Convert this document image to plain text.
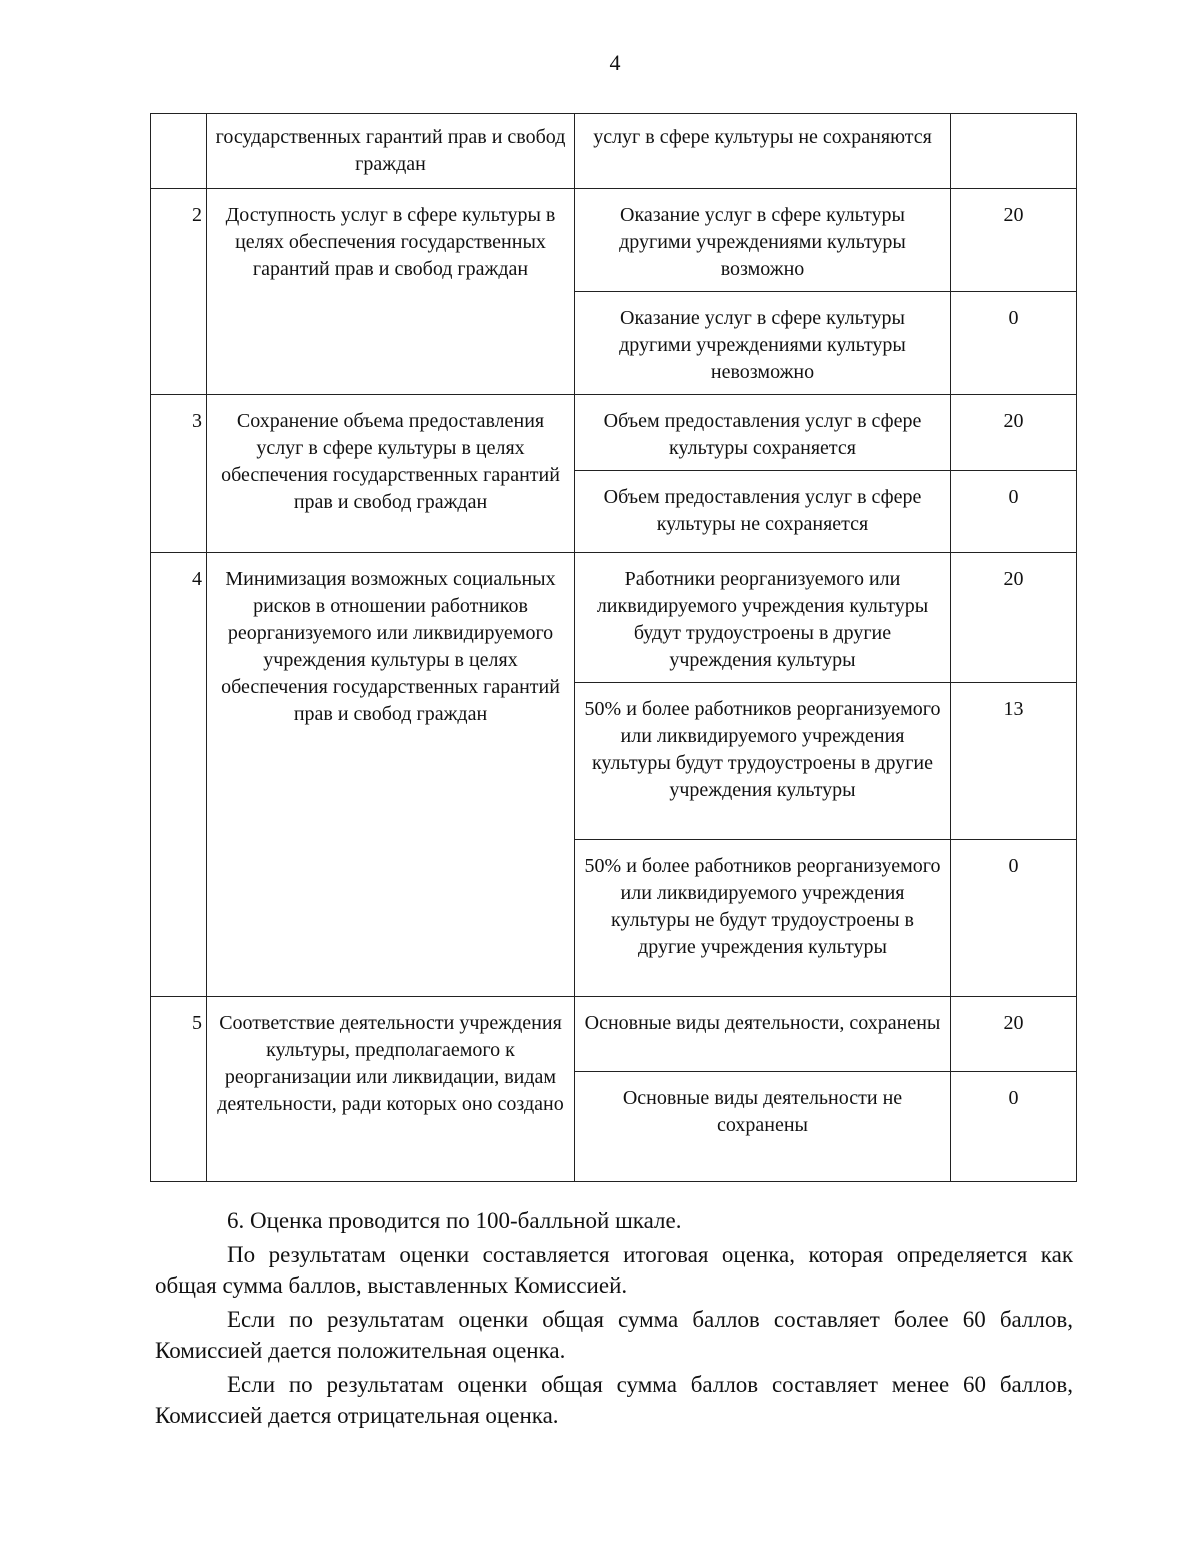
4
	государственных гарантий прав и свобод граждан	услуг в сфере культуры не сохраняются	
2	Доступность услуг в сфере культуры в целях обеспечения государственных гарантий прав и свобод граждан	Оказание услуг в сфере культуры другими учреждениями культуры возможно	20
		Оказание услуг в сфере культуры другими учреждениями культуры невозможно	0
3	Сохранение объема предоставления услуг в сфере культуры в целях обеспечения государственных гарантий прав и свобод граждан	Объем предоставления услуг в сфере культуры сохраняется	20
		Объем предоставления услуг в сфере культуры не сохраняется	0
4	Минимизация возможных социальных рисков в отношении работников реорганизуемого или ликвидируемого учреждения культуры в целях обеспечения государственных гарантий прав и свобод граждан	Работники реорганизуемого или ликвидируемого учреждения культуры будут трудоустроены в другие учреждения культуры	20
		50% и более работников реорганизуемого или ликвидируемого учреждения культуры будут трудоустроены в другие учреждения культуры	13
		50% и более работников реорганизуемого или ликвидируемого учреждения культуры не будут трудоустроены в другие учреждения культуры	0
5	Соответствие деятельности учреждения культуры, предполагаемого к реорганизации или ликвидации, видам деятельности, ради которых оно создано	Основные виды деятельности, сохранены	20
		Основные виды деятельности не сохранены	0

6. Оценка проводится по 100-балльной шкале.

По результатам оценки составляется итоговая оценка, которая определяется как общая сумма баллов, выставленных Комиссией.

Если по результатам оценки общая сумма баллов составляет более 60 баллов, Комиссией дается положительная оценка.

Если по результатам оценки общая сумма баллов составляет менее 60 баллов, Комиссией дается отрицательная оценка.
